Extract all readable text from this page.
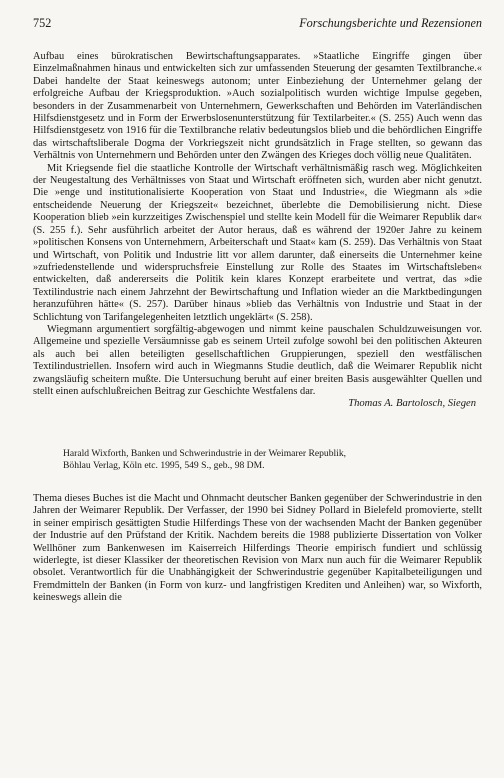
752	Forschungsberichte und Rezensionen

Aufbau eines bürokratischen Bewirtschaftungsapparates. »Staatliche Eingriffe gingen über Einzelmaßnahmen hinaus und entwickelten sich zur umfassenden Steuerung der gesamten Textilbranche.« Dabei handelte der Staat keineswegs autonom; unter Einbeziehung der Unternehmer gelang der erfolgreiche Aufbau der Kriegsproduktion. »Auch sozialpolitisch wurden wichtige Impulse gegeben, besonders in der Zusammenarbeit von Unternehmern, Gewerkschaften und Behörden im Vaterländischen Hilfsdienstgesetz und in Form der Erwerbslosenunterstützung für Textilarbeiter.« (S. 255) Auch wenn das Hilfsdienstgesetz von 1916 für die Textilbranche relativ bedeutungslos blieb und die behördlichen Eingriffe das wirtschaftsliberale Dogma der Vorkriegszeit nicht grundsätzlich in Frage stellten, so gewann das Verhältnis von Unternehmern und Behörden unter den Zwängen des Krieges doch völlig neue Qualitäten.

Mit Kriegsende fiel die staatliche Kontrolle der Wirtschaft verhältnismäßig rasch weg. Möglichkeiten der Neugestaltung des Verhältnisses von Staat und Wirtschaft eröffneten sich, wurden aber nicht genutzt. Die »enge und institutionalisierte Kooperation von Staat und Industrie«, die Wiegmann als »die entscheidende Neuerung der Kriegszeit« bezeichnet, überlebte die Demobilisierung nicht. Diese Kooperation blieb »ein kurzzeitiges Zwischenspiel und stellte kein Modell für die Weimarer Republik dar« (S. 255 f.). Sehr ausführlich arbeitet der Autor heraus, daß es während der 1920er Jahre zu keinem »politischen Konsens von Unternehmern, Arbeiterschaft und Staat« kam (S. 259). Das Verhältnis von Staat und Wirtschaft, von Politik und Industrie litt vor allem darunter, daß einerseits die Unternehmer keine »zufriedenstellende und widerspruchsfreie Einstellung zur Rolle des Staates im Wirtschaftsleben« entwickelten, daß andererseits die Politik kein klares Konzept erarbeitete und vertrat, das »die Textilindustrie nach einem Jahrzehnt der Bewirtschaftung und Inflation wieder an die Marktbedingungen heranzuführen hätte« (S. 257). Darüber hinaus »blieb das Verhältnis von Industrie und Staat in der Schlichtung von Tarifangelegenheiten letztlich ungeklärt« (S. 258).

Wiegmann argumentiert sorgfältig-abgewogen und nimmt keine pauschalen Schuldzuweisungen vor. Allgemeine und spezielle Versäumnisse gab es seinem Urteil zufolge sowohl bei den politischen Akteuren als auch bei allen beteiligten gesellschaftlichen Gruppierungen, speziell den westfälischen Textilindustriellen. Insofern wird auch in Wiegmanns Studie deutlich, daß die Weimarer Republik nicht zwangsläufig scheitern mußte. Die Untersuchung beruht auf einer breiten Basis ausgewählter Quellen und stellt einen aufschlußreichen Beitrag zur Geschichte Westfalens dar.

Thomas A. Bartolosch, Siegen

Harald Wixforth, Banken und Schwerindustrie in der Weimarer Republik,
Böhlau Verlag, Köln etc. 1995, 549 S., geb., 98 DM.

Thema dieses Buches ist die Macht und Ohnmacht deutscher Banken gegenüber der Schwerindustrie in den Jahren der Weimarer Republik. Der Verfasser, der 1990 bei Sidney Pollard in Bielefeld promovierte, stellt in seiner empirisch gesättigten Studie Hilferdings These von der wachsenden Macht der Banken gegenüber der Industrie auf den Prüfstand der Kritik. Nachdem bereits die 1988 publizierte Dissertation von Volker Wellhöner zum Bankenwesen im Kaiserreich Hilferdings Theorie empirisch fundiert und schlüssig widerlegte, ist dieser Klassiker der theoretischen Revision von Marx nun auch für die Weimarer Republik obsolet. Verantwortlich für die Unabhängigkeit der Schwerindustrie gegenüber Kapitalbeteiligungen und Fremdmitteln der Banken (in Form von kurz- und langfristigen Krediten und Anleihen) war, so Wixforth, keineswegs allein die
